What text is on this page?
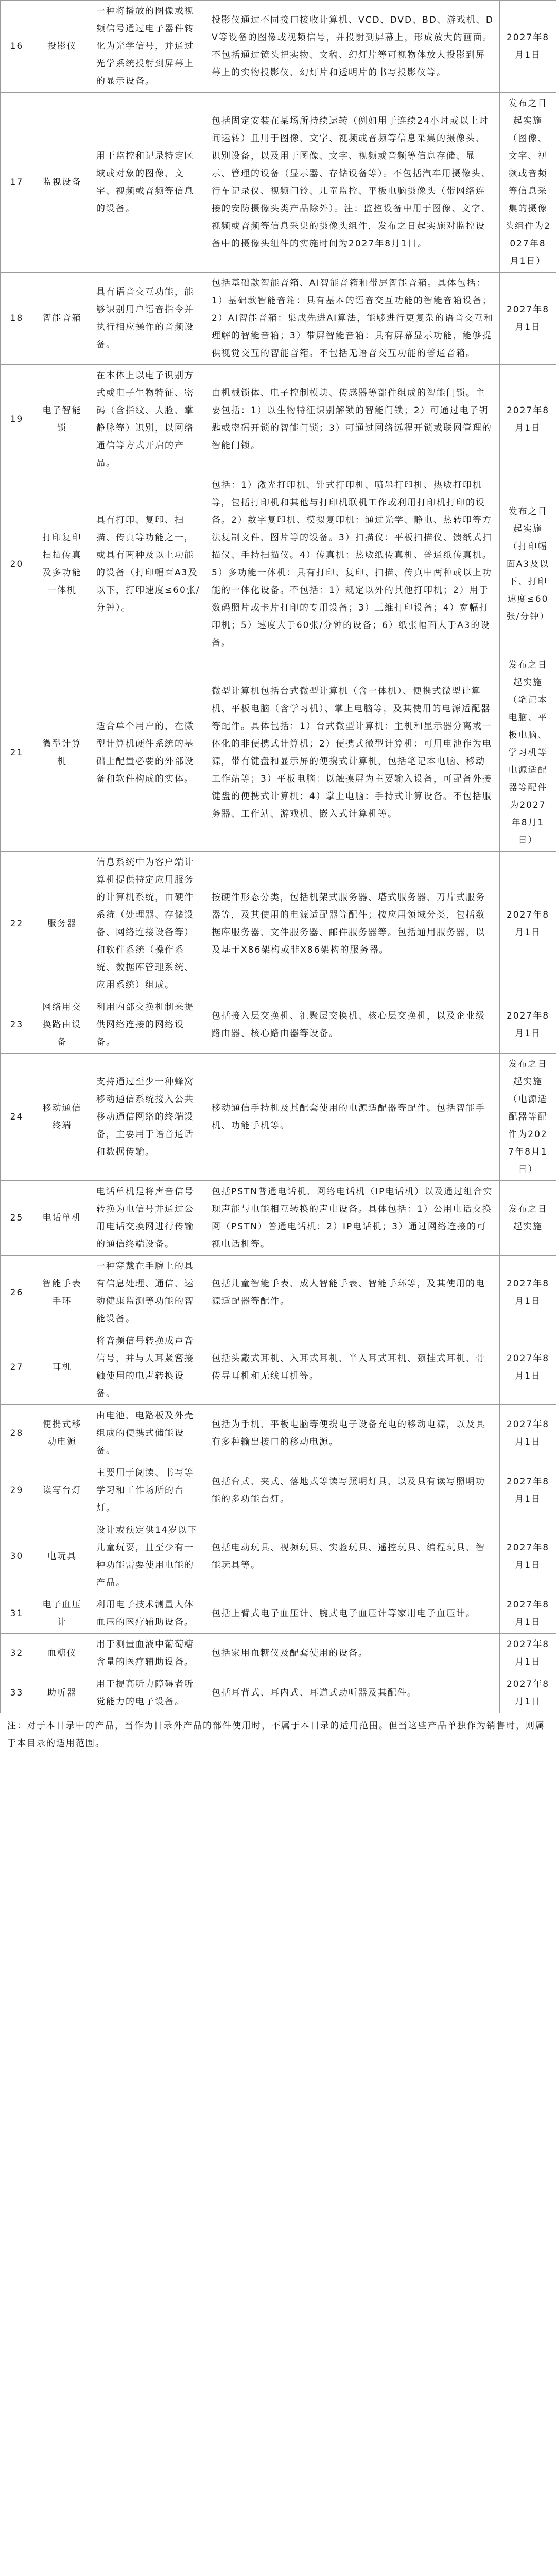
16	投影仪	一种将播放的图像或视频信号通过电子器件转化为光学信号，并通过光学系统投射到屏幕上的显示设备。	投影仪通过不同接口接收计算机、VCD、DVD、BD、游戏机、DV等设备的图像或视频信号，并投射到屏幕上，形成放大的画面。不包括通过镜头把实物、文稿、幻灯片等可视物体放大投影到屏幕上的实物投影仪、幻灯片和透明片的书写投影仪等。	2027年8月1日
17	监视设备	用于监控和记录特定区域或对象的图像、文字、视频或音频等信息的设备。	包括固定安装在某场所持续运转（例如用于连续24小时或以上时间运转）且用于图像、文字、视频或音频等信息采集的摄像头、识别设备，以及用于图像、文字、视频或音频等信息存储、显示、管理的设备（显示器、存储设备等）。不包括汽车用摄像头、行车记录仪、视频门铃、儿童监控、平板电脑摄像头（带网络连接的安防摄像头类产品除外）。注：监控设备中用于图像、文字、视频或音频等信息采集的摄像头组件，发布之日起实施对监控设备中的摄像头组件的实施时间为2027年8月1日。	发布之日起实施（图像、文字、视频或音频等信息采集的摄像头组件为2027年8月1日）
18	智能音箱	具有语音交互功能，能够识别用户语音指令并执行相应操作的音频设备。	包括基础款智能音箱、AI智能音箱和带屏智能音箱。具体包括：1）基础款智能音箱：具有基本的语音交互功能的智能音箱设备；2）AI智能音箱：集成先进AI算法，能够进行更复杂的语音交互和理解的智能音箱；3）带屏智能音箱：具有屏幕显示功能，能够提供视觉交互的智能音箱。不包括无语音交互功能的普通音箱。	2027年8月1日
19	电子智能锁	在本体上以电子识别方式或电子生物特征、密码（含指纹、人脸、掌静脉等）识别，以网络通信等方式开启的产品。	由机械锁体、电子控制模块、传感器等部件组成的智能门锁。主要包括：1）以生物特征识别解锁的智能门锁；2）可通过电子钥匙或密码开锁的智能门锁；3）可通过网络远程开锁或联网管理的智能门锁。	2027年8月1日
20	打印复印扫描传真及多功能一体机	具有打印、复印、扫描、传真等功能之一，或具有两种及以上功能的设备（打印幅面A3及以下，打印速度≤60张/分钟）。	包括：1）激光打印机、针式打印机、喷墨打印机、热敏打印机等，包括打印机和其他与打印机联机工作或利用打印机打印的设备。2）数字复印机、模拟复印机：通过光学、静电、热转印等方法复制文件、图片等的设备。3）扫描仪：平板扫描仪、馈纸式扫描仪、手持扫描仪。4）传真机：热敏纸传真机、普通纸传真机。5）多功能一体机：具有打印、复印、扫描、传真中两种或以上功能的一体化设备。不包括：1）规定以外的其他打印机；2）用于数码照片或卡片打印的专用设备；3）三维打印设备；4）宽幅打印机；5）速度大于60张/分钟的设备；6）纸张幅面大于A3的设备。	发布之日起实施（打印幅面A3及以下、打印速度≤60张/分钟）
21	微型计算机	适合单个用户的，在微型计算机硬件系统的基础上配置必要的外部设备和软件构成的实体。	微型计算机包括台式微型计算机（含一体机）、便携式微型计算机、平板电脑（含学习机）、掌上电脑等，及其使用的电源适配器等配件。具体包括：1）台式微型计算机：主机和显示器分离或一体化的非便携式计算机；2）便携式微型计算机：可用电池作为电源，带有键盘和显示屏的便携式计算机，包括笔记本电脑、移动工作站等；3）平板电脑：以触摸屏为主要输入设备，可配备外接键盘的便携式计算机；4）掌上电脑：手持式计算设备。不包括服务器、工作站、游戏机、嵌入式计算机等。	发布之日起实施（笔记本电脑、平板电脑、学习机等电源适配器等配件为2027年8月1日）
22	服务器	信息系统中为客户端计算机提供特定应用服务的计算机系统，由硬件系统（处理器、存储设备、网络连接设备等）和软件系统（操作系统、数据库管理系统、应用系统）组成。	按硬件形态分类，包括机架式服务器、塔式服务器、刀片式服务器等，及其使用的电源适配器等配件；按应用领域分类，包括数据库服务器、文件服务器、邮件服务器等。包括通用服务器，以及基于X86架构或非X86架构的服务器。	2027年8月1日
23	网络用交换路由设备	利用内部交换机制来提供网络连接的网络设备。	包括接入层交换机、汇聚层交换机、核心层交换机，以及企业级路由器、核心路由器等设备。	2027年8月1日
24	移动通信终端	支持通过至少一种蜂窝移动通信系统接入公共移动通信网络的终端设备，主要用于语音通话和数据传输。	移动通信手持机及其配套使用的电源适配器等配件。包括智能手机、功能手机等。	发布之日起实施（电源适配器等配件为2027年8月1日）
25	电话单机	电话单机是将声音信号转换为电信号并通过公用电话交换网进行传输的通信终端设备。	包括PSTN普通电话机、网络电话机（IP电话机）以及通过组合实现声能与电能相互转换的声电设备。具体包括：1）公用电话交换网（PSTN）普通电话机；2）IP电话机；3）通过网络连接的可视电话机等。	发布之日起实施
26	智能手表手环	一种穿戴在手腕上的具有信息处理、通信、运动健康监测等功能的智能设备。	包括儿童智能手表、成人智能手表、智能手环等，及其使用的电源适配器等配件。	2027年8月1日
27	耳机	将音频信号转换成声音信号，并与人耳紧密接触使用的电声转换设备。	包括头戴式耳机、入耳式耳机、半入耳式耳机、颈挂式耳机、骨传导耳机和无线耳机等。	2027年8月1日
28	便携式移动电源	由电池、电路板及外壳组成的便携式储能设备。	包括为手机、平板电脑等便携电子设备充电的移动电源，以及具有多种输出接口的移动电源。	2027年8月1日
29	读写台灯	主要用于阅读、书写等学习和工作场所的台灯。	包括台式、夹式、落地式等读写照明灯具，以及具有读写照明功能的多功能台灯。	2027年8月1日
30	电玩具	设计或预定供14岁以下儿童玩耍，且至少有一种功能需要使用电能的产品。	包括电动玩具、视频玩具、实验玩具、遥控玩具、编程玩具、智能玩具等。	2027年8月1日
31	电子血压计	利用电子技术测量人体血压的医疗辅助设备。	包括上臂式电子血压计、腕式电子血压计等家用电子血压计。	2027年8月1日
32	血糖仪	用于测量血液中葡萄糖含量的医疗辅助设备。	包括家用血糖仪及配套使用的设备。	2027年8月1日
33	助听器	用于提高听力障碍者听觉能力的电子设备。	包括耳背式、耳内式、耳道式助听器及其配件。	2027年8月1日
注：对于本目录中的产品，当作为目录外产品的部件使用时，不属于本目录的适用范围。但当这些产品单独作为销售时，则属于本目录的适用范围。
